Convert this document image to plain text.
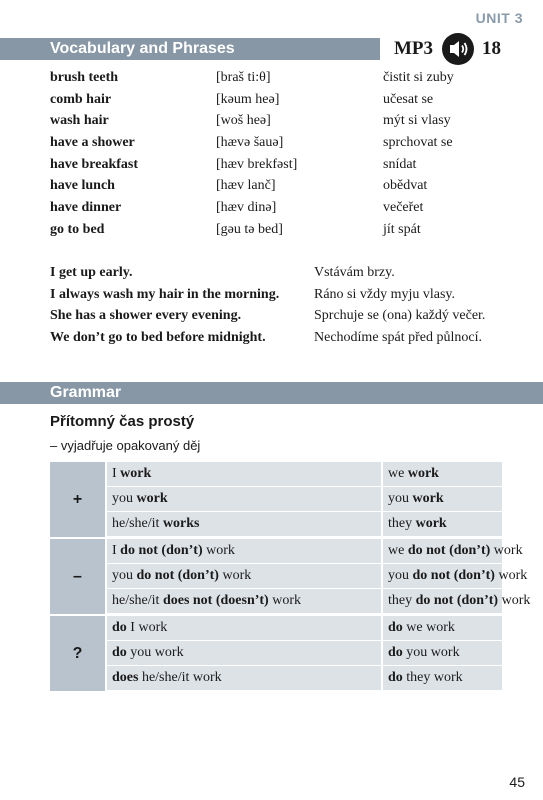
UNIT 3
Vocabulary and Phrases	MP3	18
brush teeth	[braš ti:θ]	čistit si zuby
comb hair	[kəum heə]	učesat se
wash hair	[woš heə]	mýt si vlasy
have a shower	[hævə šauə]	sprchovat se
have breakfast	[hæv brekfəst]	snídat
have lunch	[hæv lanč]	obědvat
have dinner	[hæv dinə]	večeřet
go to bed	[gəu tə bed]	jít spát
I get up early.	Vstávám brzy.
I always wash my hair in the morning. Ráno si vždy myju vlasy.
She has a shower every evening.	Sprchuje se (ona) každý večer.
We don’t go to bed before midnight.	Nechodíme spát před půlnocí.
Grammar
Přítomný čas prostý
– vyjadřuje opakovaný děj
+
I work	we work
you work	you work
he/she/it works	they work
–
I do not (don’t) work	we do not (don’t) work
you do not (don’t) work	you do not (don’t) work
he/she/it does not (doesn’t) work	they do not (don’t) work
?
do I work	do we work
do you work	do you work
does he/she/it work	do they work
45
